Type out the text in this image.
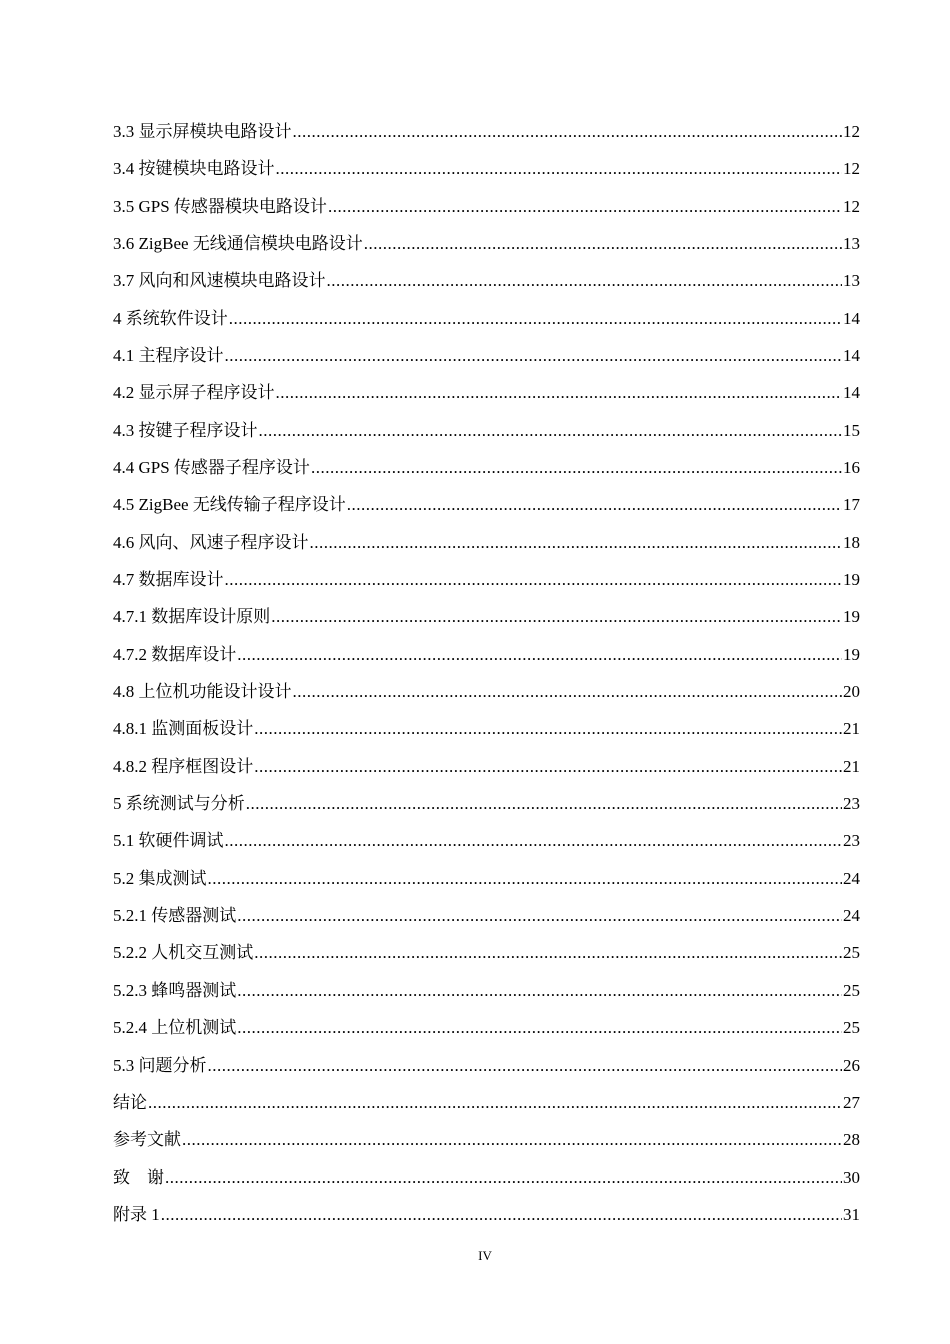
3.3 显示屏模块电路设计 .....	12
3.4 按键模块电路设计 .....	12
3.5 GPS 传感器模块电路设计 .....	12
3.6 ZigBee 无线通信模块电路设计 .....	13
3.7 风向和风速模块电路设计 .....	13
4 系统软件设计 .....	14
4.1 主程序设计 .....	14
4.2 显示屏子程序设计 .....	14
4.3 按键子程序设计 .....	15
4.4 GPS 传感器子程序设计 .....	16
4.5 ZigBee 无线传输子程序设计 .....	17
4.6 风向、风速子程序设计 .....	18
4.7 数据库设计 .....	19
4.7.1 数据库设计原则 .....	19
4.7.2 数据库设计 .....	19
4.8 上位机功能设计设计 .....	20
4.8.1 监测面板设计 .....	21
4.8.2 程序框图设计 .....	21
5 系统测试与分析 .....	23
5.1 软硬件调试 .....	23
5.2 集成测试 .....	24
5.2.1 传感器测试 .....	24
5.2.2 人机交互测试 .....	25
5.2.3 蜂鸣器测试 .....	25
5.2.4 上位机测试 .....	25
5.3 问题分析 .....	26
结论 .....	27
参考文献 .....	28
致　谢 .....	30
附录 1 .....	31
IV
